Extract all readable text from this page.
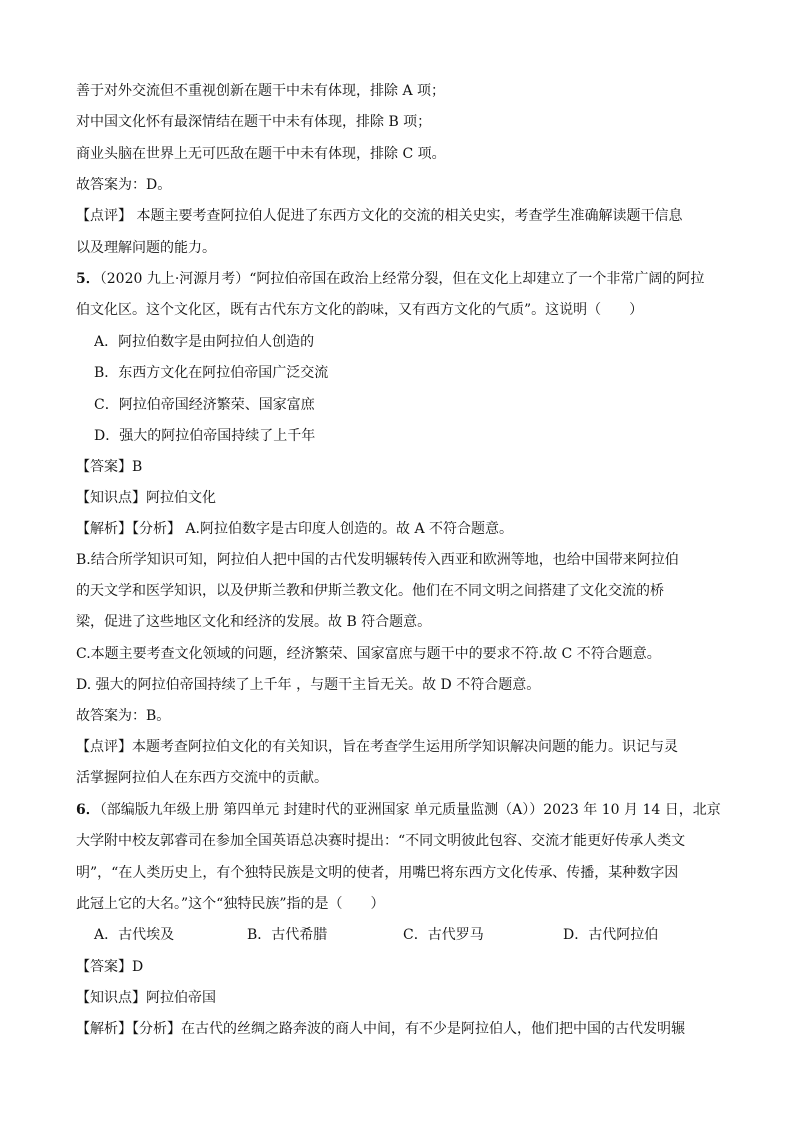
善于对外交流但不重视创新在题干中未有体现，排除 A 项；
对中国文化怀有最深情结在题干中未有体现，排除 B 项；
商业头脑在世界上无可匹敌在题干中未有体现，排除 C 项。
故答案为：D。
【点评】 本题主要考查阿拉伯人促进了东西方文化的交流的相关史实，考查学生准确解读题干信息
以及理解问题的能力。
5．（2020 九上·河源月考）“阿拉伯帝国在政治上经常分裂，但在文化上却建立了一个非常广阔的阿拉
伯文化区。这个文化区，既有古代东方文化的韵味，又有西方文化的气质”。这说明（　　）
A．阿拉伯数字是由阿拉伯人创造的
B．东西方文化在阿拉伯帝国广泛交流
C．阿拉伯帝国经济繁荣、国家富庶
D．强大的阿拉伯帝国持续了上千年
【答案】B
【知识点】阿拉伯文化
【解析】【分析】 A.阿拉伯数字是古印度人创造的。故 A 不符合题意。
B.结合所学知识可知，阿拉伯人把中国的古代发明辗转传入西亚和欧洲等地，也给中国带来阿拉伯
的天文学和医学知识，以及伊斯兰教和伊斯兰教文化。他们在不同文明之间搭建了文化交流的桥
梁，促进了这些地区文化和经济的发展。故 B 符合题意。
C.本题主要考查文化领域的问题，经济繁荣、国家富庶与题干中的要求不符.故 C 不符合题意。
D. 强大的阿拉伯帝国持续了上千年 ，与题干主旨无关。故 D 不符合题意。
故答案为：B。
【点评】本题考查阿拉伯文化的有关知识，旨在考查学生运用所学知识解决问题的能力。识记与灵
活掌握阿拉伯人在东西方交流中的贡献。
6．（部编版九年级上册 第四单元 封建时代的亚洲国家 单元质量监测（A））2023 年 10 月 14 日，北京
大学附中校友郭睿司在参加全国英语总决赛时提出：“不同文明彼此包容、交流才能更好传承人类文
明”，“在人类历史上，有个独特民族是文明的使者，用嘴巴将东西方文化传承、传播，某种数字因
此冠上它的大名。”这个“独特民族”指的是（　　）
A．古代埃及	B．古代希腊	C．古代罗马	D．古代阿拉伯
【答案】D
【知识点】阿拉伯帝国
【解析】【分析】在古代的丝绸之路奔波的商人中间，有不少是阿拉伯人，他们把中国的古代发明辗
